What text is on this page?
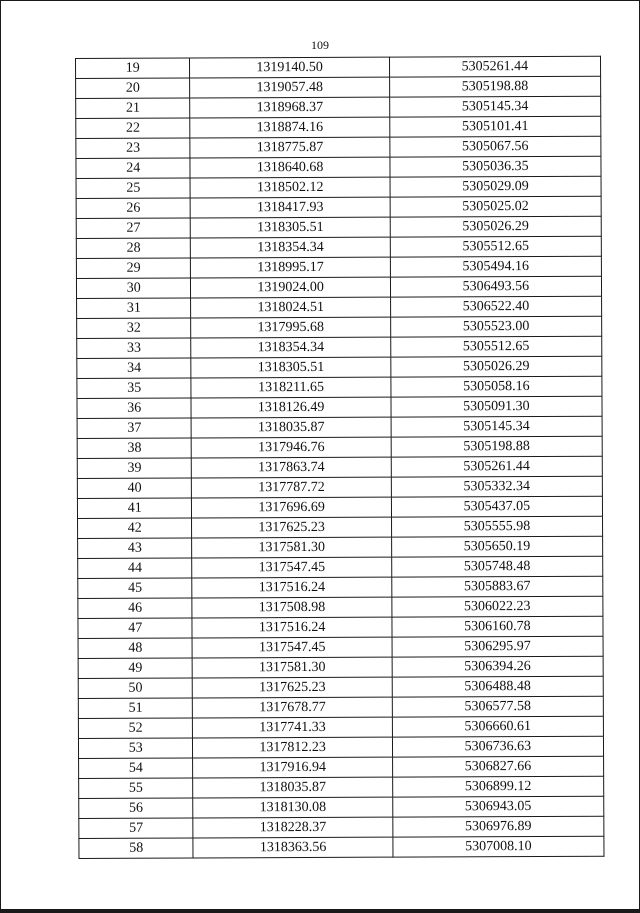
109
19	1319140.50	5305261.44
20	1319057.48	5305198.88
21	1318968.37	5305145.34
22	1318874.16	5305101.41
23	1318775.87	5305067.56
24	1318640.68	5305036.35
25	1318502.12	5305029.09
26	1318417.93	5305025.02
27	1318305.51	5305026.29
28	1318354.34	5305512.65
29	1318995.17	5305494.16
30	1319024.00	5306493.56
31	1318024.51	5306522.40
32	1317995.68	5305523.00
33	1318354.34	5305512.65
34	1318305.51	5305026.29
35	1318211.65	5305058.16
36	1318126.49	5305091.30
37	1318035.87	5305145.34
38	1317946.76	5305198.88
39	1317863.74	5305261.44
40	1317787.72	5305332.34
41	1317696.69	5305437.05
42	1317625.23	5305555.98
43	1317581.30	5305650.19
44	1317547.45	5305748.48
45	1317516.24	5305883.67
46	1317508.98	5306022.23
47	1317516.24	5306160.78
48	1317547.45	5306295.97
49	1317581.30	5306394.26
50	1317625.23	5306488.48
51	1317678.77	5306577.58
52	1317741.33	5306660.61
53	1317812.23	5306736.63
54	1317916.94	5306827.66
55	1318035.87	5306899.12
56	1318130.08	5306943.05
57	1318228.37	5306976.89
58	1318363.56	5307008.10
